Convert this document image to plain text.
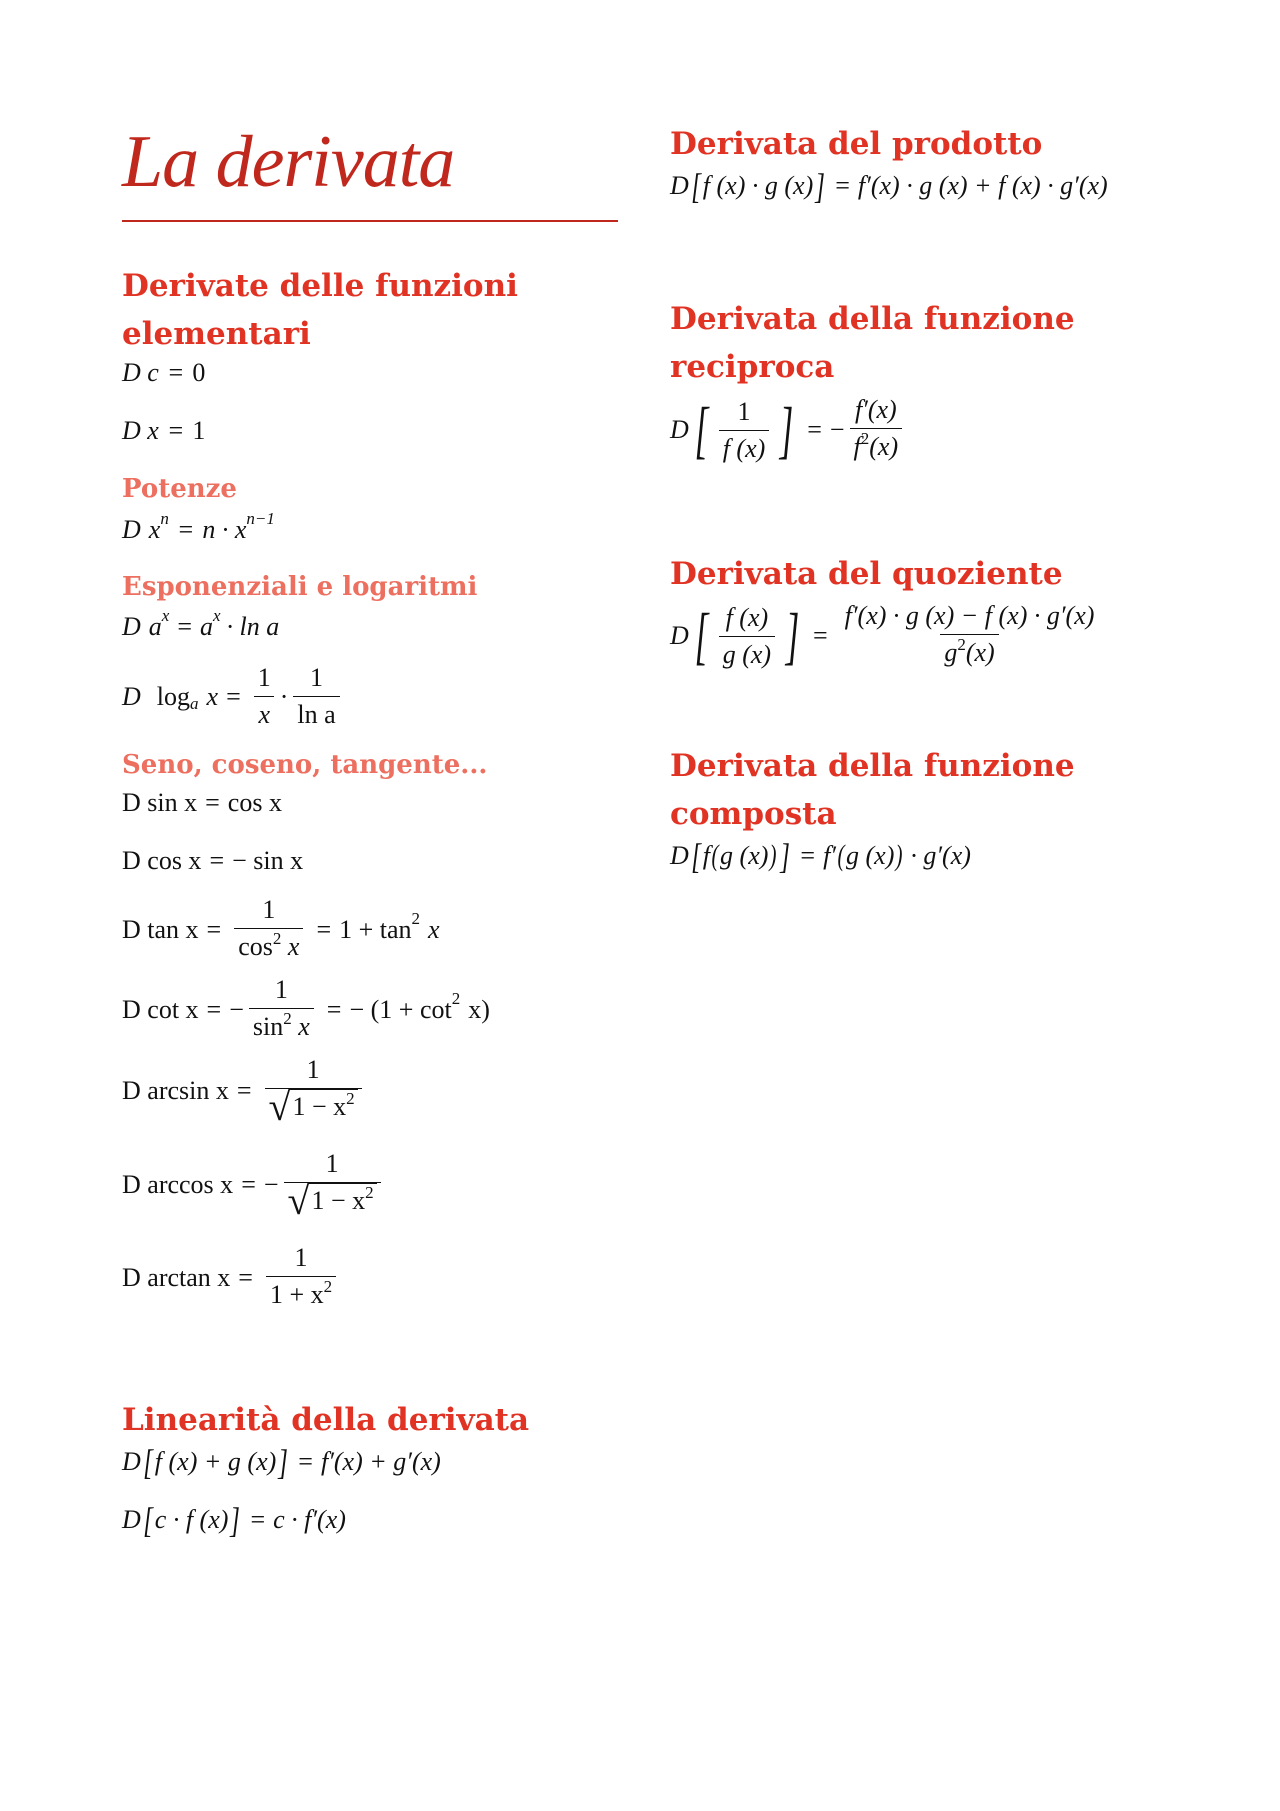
La derivata
Derivate delle funzioni elementari
D c = 0
D x = 1
Potenze
D x n = n · x n−1
Esponenziali e logaritmi
D a x = a x · ln a
D log a $x = \frac{1}{x} \cdot \frac{1}{\text{ln a}}$
Seno, coseno, tangente...
D sin x = cos x
D cos x = − sin x
D $\tan x = \frac{1}{\cos^2 x} = 1 + \tan 2$ x
D cot x = − $\frac{1}{\sin^2 x}$ = − (1 + cot 2 x)
D $\arcsin x = \frac{1}{√ 1 - x^2}$
D arccos x = − $\frac{1}{√ 1 - x^2}$
D $\arctan x = \frac{1}{1 + x^2}$
Linearità della derivata
D [ f (x) + g (x) ] = f′(x) + g′(x)
D [ c · f (x) ] = c · f′(x)
Derivata del prodotto
D [ f (x) · g (x) ] = f′(x) · g (x) + f (x) · g′(x)
Derivata della funzione reciproca
D [ $\frac{1}{f (x)}$ ] = − $\frac{f'(x)}{f^2(x)}$
Derivata del quoziente
D [ $\frac{f (x)}{g (x)}$ ] = $\frac{f'(x) \cdot g (x) - f (x) \cdot g'(x)}{g^2(x)}$
Derivata della funzione composta
D [ f ( g (x) ) ] = f′ ( g (x) ) · g′(x)
